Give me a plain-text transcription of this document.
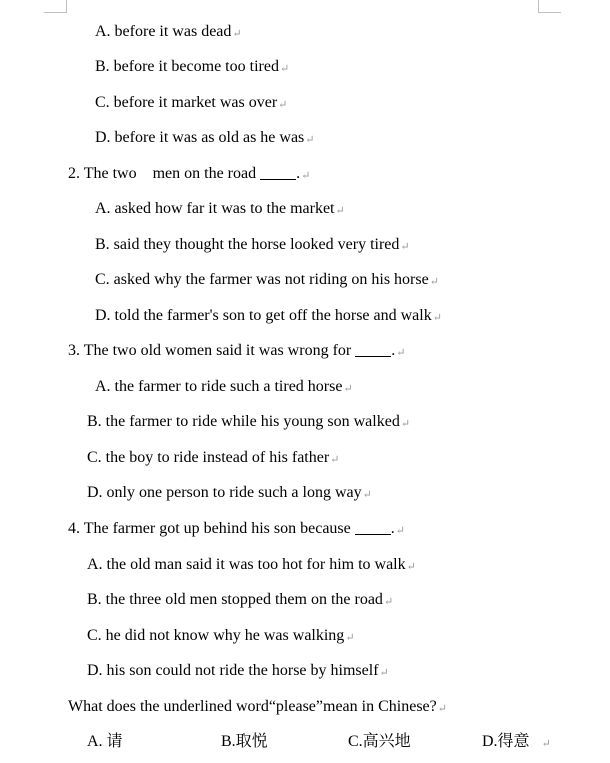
A. before it was dead↵
B. before it become too tired↵
C. before it market was over↵
D. before it was as old as he was↵
2. The two    men on the road .↵
A. asked how far it was to the market↵
B. said they thought the horse looked very tired↵
C. asked why the farmer was not riding on his horse↵
D. told the farmer's son to get off the horse and walk↵
3. The two old women said it was wrong for .↵
A. the farmer to ride such a tired horse↵
B. the farmer to ride while his young son walked↵
C. the boy to ride instead of his father↵
D. only one person to ride such a long way↵
4. The farmer got up behind his son because .↵
A. the old man said it was too hot for him to walk↵
B. the three old men stopped them on the road↵
C. he did not know why he was walking↵
D. his son could not ride the horse by himself↵
What does the underlined word“please”mean in Chinese?↵
A. 请	B.取悦	C.高兴地	D.得意 ↵
